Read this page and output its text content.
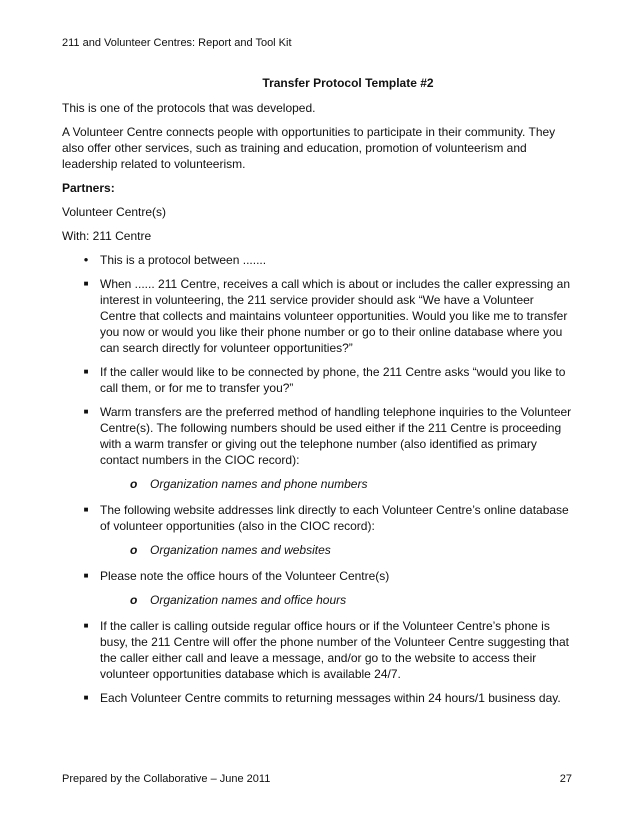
211 and Volunteer Centres: Report and Tool Kit
Transfer Protocol Template #2

This is one of the protocols that was developed.

A Volunteer Centre connects people with opportunities to participate in their community. They also offer other services, such as training and education, promotion of volunteerism and leadership related to volunteerism.

Partners:

Volunteer Centre(s)

With: 211 Centre

• This is a protocol between .......
■ When ...... 211 Centre, receives a call which is about or includes the caller expressing an interest in volunteering, the 211 service provider should ask “We have a Volunteer Centre that collects and maintains volunteer opportunities. Would you like me to transfer you now or would you like their phone number or go to their online database where you can search directly for volunteer opportunities?”
■ If the caller would like to be connected by phone, the 211 Centre asks “would you like to call them, or for me to transfer you?”
■ Warm transfers are the preferred method of handling telephone inquiries to the Volunteer Centre(s). The following numbers should be used either if the 211 Centre is proceeding with a warm transfer or giving out the telephone number (also identified as primary contact numbers in the CIOC record):
o Organization names and phone numbers
■ The following website addresses link directly to each Volunteer Centre’s online database of volunteer opportunities (also in the CIOC record):
o Organization names and websites
■ Please note the office hours of the Volunteer Centre(s)
o Organization names and office hours
■ If the caller is calling outside regular office hours or if the Volunteer Centre’s phone is busy, the 211 Centre will offer the phone number of the Volunteer Centre suggesting that the caller either call and leave a message, and/or go to the website to access their volunteer opportunities database which is available 24/7.
■ Each Volunteer Centre commits to returning messages within 24 hours/1 business day.
Prepared by the Collaborative – June 2011	27
